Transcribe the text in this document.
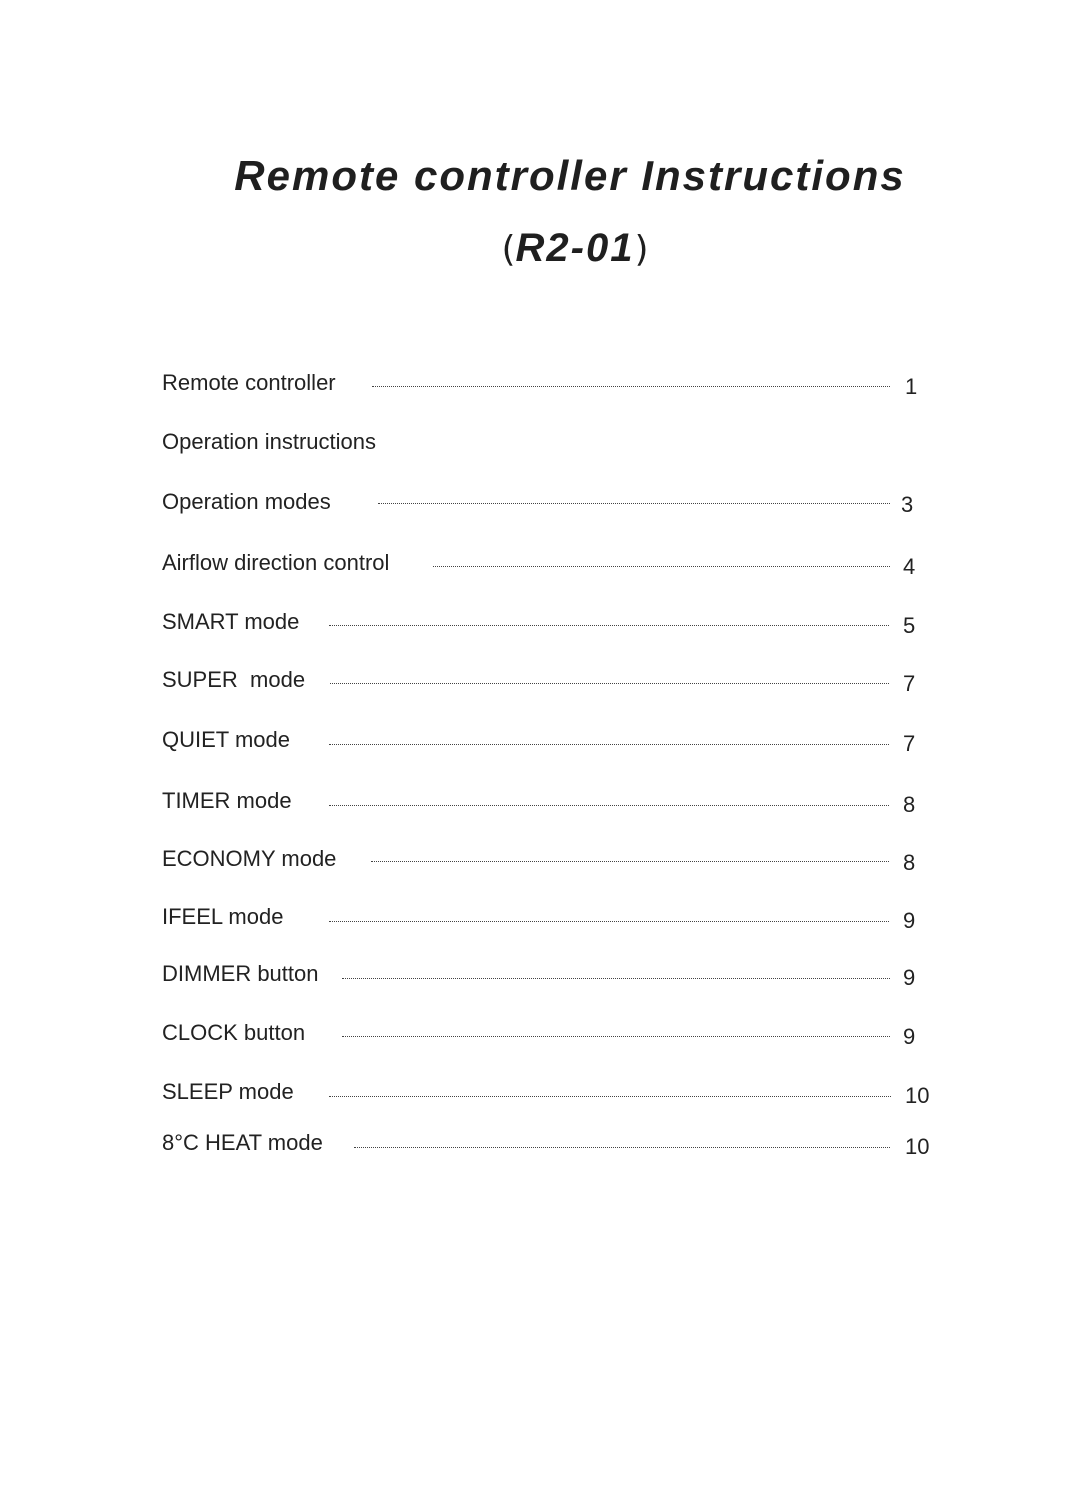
Remote controller Instructions
(R2-01)
Remote controller	1
Operation instructions
Operation modes	3
Airflow direction control	4
SMART mode	5
SUPER  mode	7
QUIET mode	7
TIMER mode	8
ECONOMY mode	8
IFEEL mode	9
DIMMER button	9
CLOCK button	9
SLEEP mode	10
8°C HEAT mode	10
